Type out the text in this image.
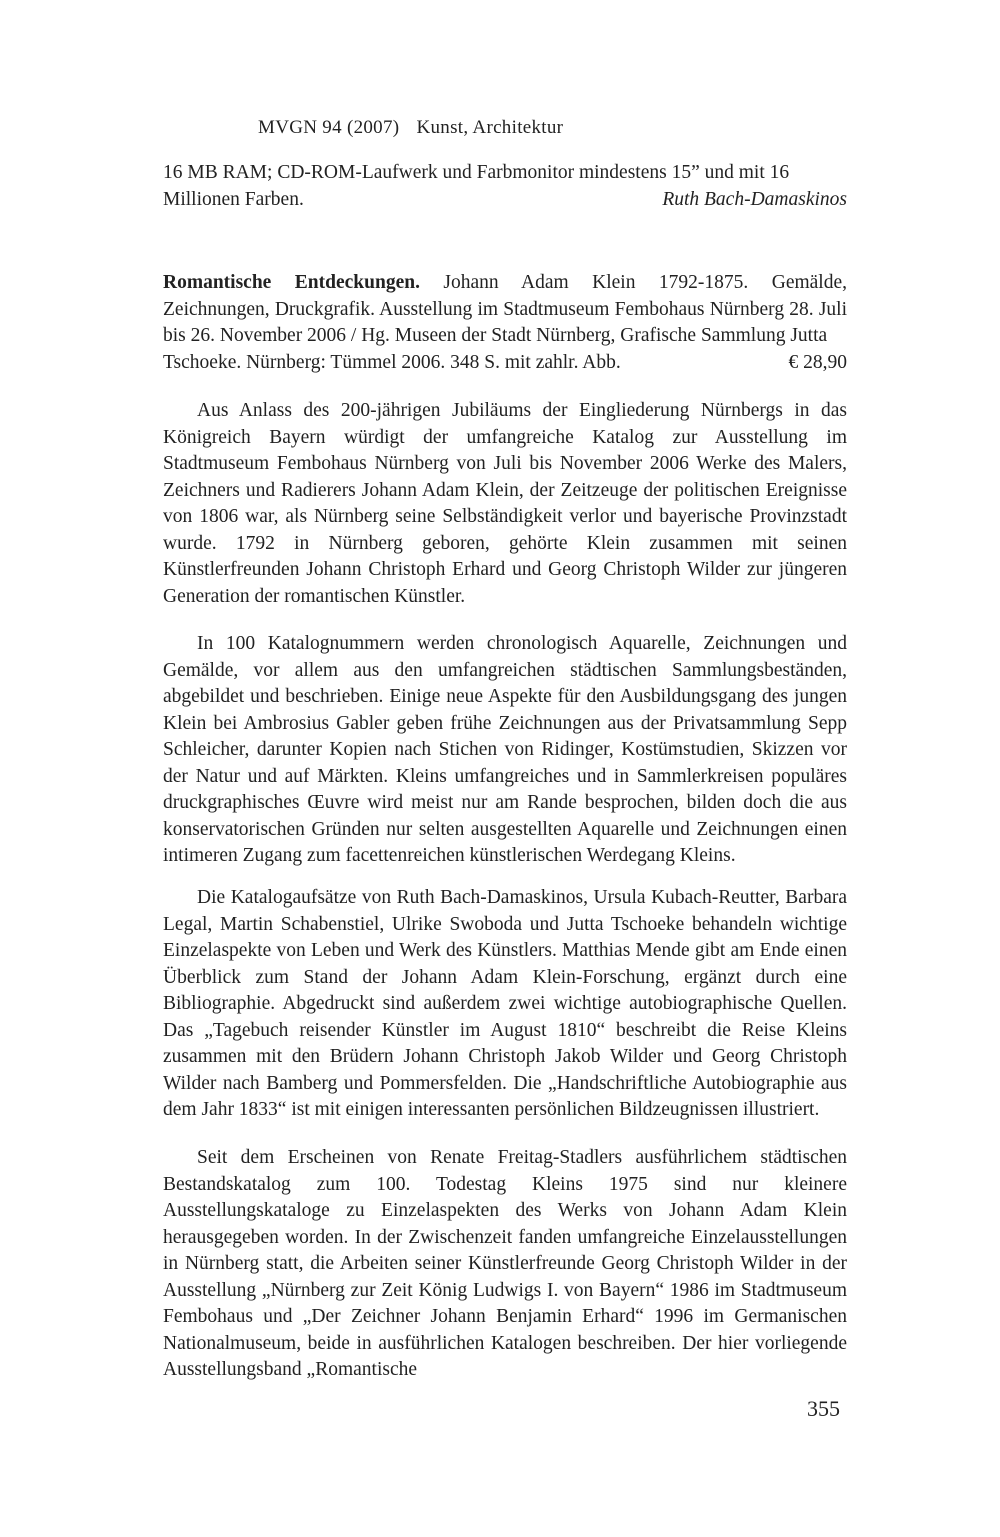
MVGN 94 (2007) Kunst, Architektur
16 MB RAM; CD-ROM-Laufwerk und Farbmonitor mindestens 15” und mit 16 Millionen Farben.	Ruth Bach-Damaskinos
Romantische Entdeckungen. Johann Adam Klein 1792-1875. Gemälde, Zeichnungen, Druckgrafik. Ausstellung im Stadtmuseum Fembohaus Nürnberg 28. Juli bis 26. November 2006 / Hg. Museen der Stadt Nürnberg, Grafische Sammlung Jutta
Tschoeke. Nürnberg: Tümmel 2006. 348 S. mit zahlr. Abb.	€ 28,90
Aus Anlass des 200-jährigen Jubiläums der Eingliederung Nürnbergs in das Königreich Bayern würdigt der umfangreiche Katalog zur Ausstellung im Stadtmuseum Fembohaus Nürnberg von Juli bis November 2006 Werke des Malers, Zeichners und Radierers Johann Adam Klein, der Zeitzeuge der politischen Ereignisse von 1806 war, als Nürnberg seine Selbständigkeit verlor und bayerische Provinzstadt wurde. 1792 in Nürnberg geboren, gehörte Klein zusammen mit seinen Künstlerfreunden Johann Christoph Erhard und Georg Christoph Wilder zur jüngeren Generation der romantischen Künstler.
In 100 Katalognummern werden chronologisch Aquarelle, Zeichnungen und Gemälde, vor allem aus den umfangreichen städtischen Sammlungsbeständen, abgebildet und beschrieben. Einige neue Aspekte für den Ausbildungsgang des jungen Klein bei Ambrosius Gabler geben frühe Zeichnungen aus der Privatsammlung Sepp Schleicher, darunter Kopien nach Stichen von Ridinger, Kostümstudien, Skizzen vor der Natur und auf Märkten. Kleins umfangreiches und in Sammlerkreisen populäres druckgraphisches Œuvre wird meist nur am Rande besprochen, bilden doch die aus konservatorischen Gründen nur selten ausgestellten Aquarelle und Zeichnungen einen intimeren Zugang zum facettenreichen künstlerischen Werdegang Kleins.
Die Katalogaufsätze von Ruth Bach-Damaskinos, Ursula Kubach-Reutter, Barbara Legal, Martin Schabenstiel, Ulrike Swoboda und Jutta Tschoeke behandeln wichtige Einzelaspekte von Leben und Werk des Künstlers. Matthias Mende gibt am Ende einen Überblick zum Stand der Johann Adam Klein-Forschung, ergänzt durch eine Bibliographie. Abgedruckt sind außerdem zwei wichtige autobiographische Quellen. Das „Tagebuch reisender Künstler im August 1810“ beschreibt die Reise Kleins zusammen mit den Brüdern Johann Christoph Jakob Wilder und Georg Christoph Wilder nach Bamberg und Pommersfelden. Die „Handschriftliche Autobiographie aus dem Jahr 1833“ ist mit einigen interessanten persönlichen Bildzeugnissen illustriert.
Seit dem Erscheinen von Renate Freitag-Stadlers ausführlichem städtischen Bestandskatalog zum 100. Todestag Kleins 1975 sind nur kleinere Ausstellungskataloge zu Einzelaspekten des Werks von Johann Adam Klein herausgegeben worden. In der Zwischenzeit fanden umfangreiche Einzelausstellungen in Nürnberg statt, die Arbeiten seiner Künstlerfreunde Georg Christoph Wilder in der Ausstellung „Nürnberg zur Zeit König Ludwigs I. von Bayern“ 1986 im Stadtmuseum Fembohaus und „Der Zeichner Johann Benjamin Erhard“ 1996 im Germanischen Nationalmuseum, beide in ausführlichen Katalogen beschreiben. Der hier vorliegende Ausstellungsband „Romantische
355
